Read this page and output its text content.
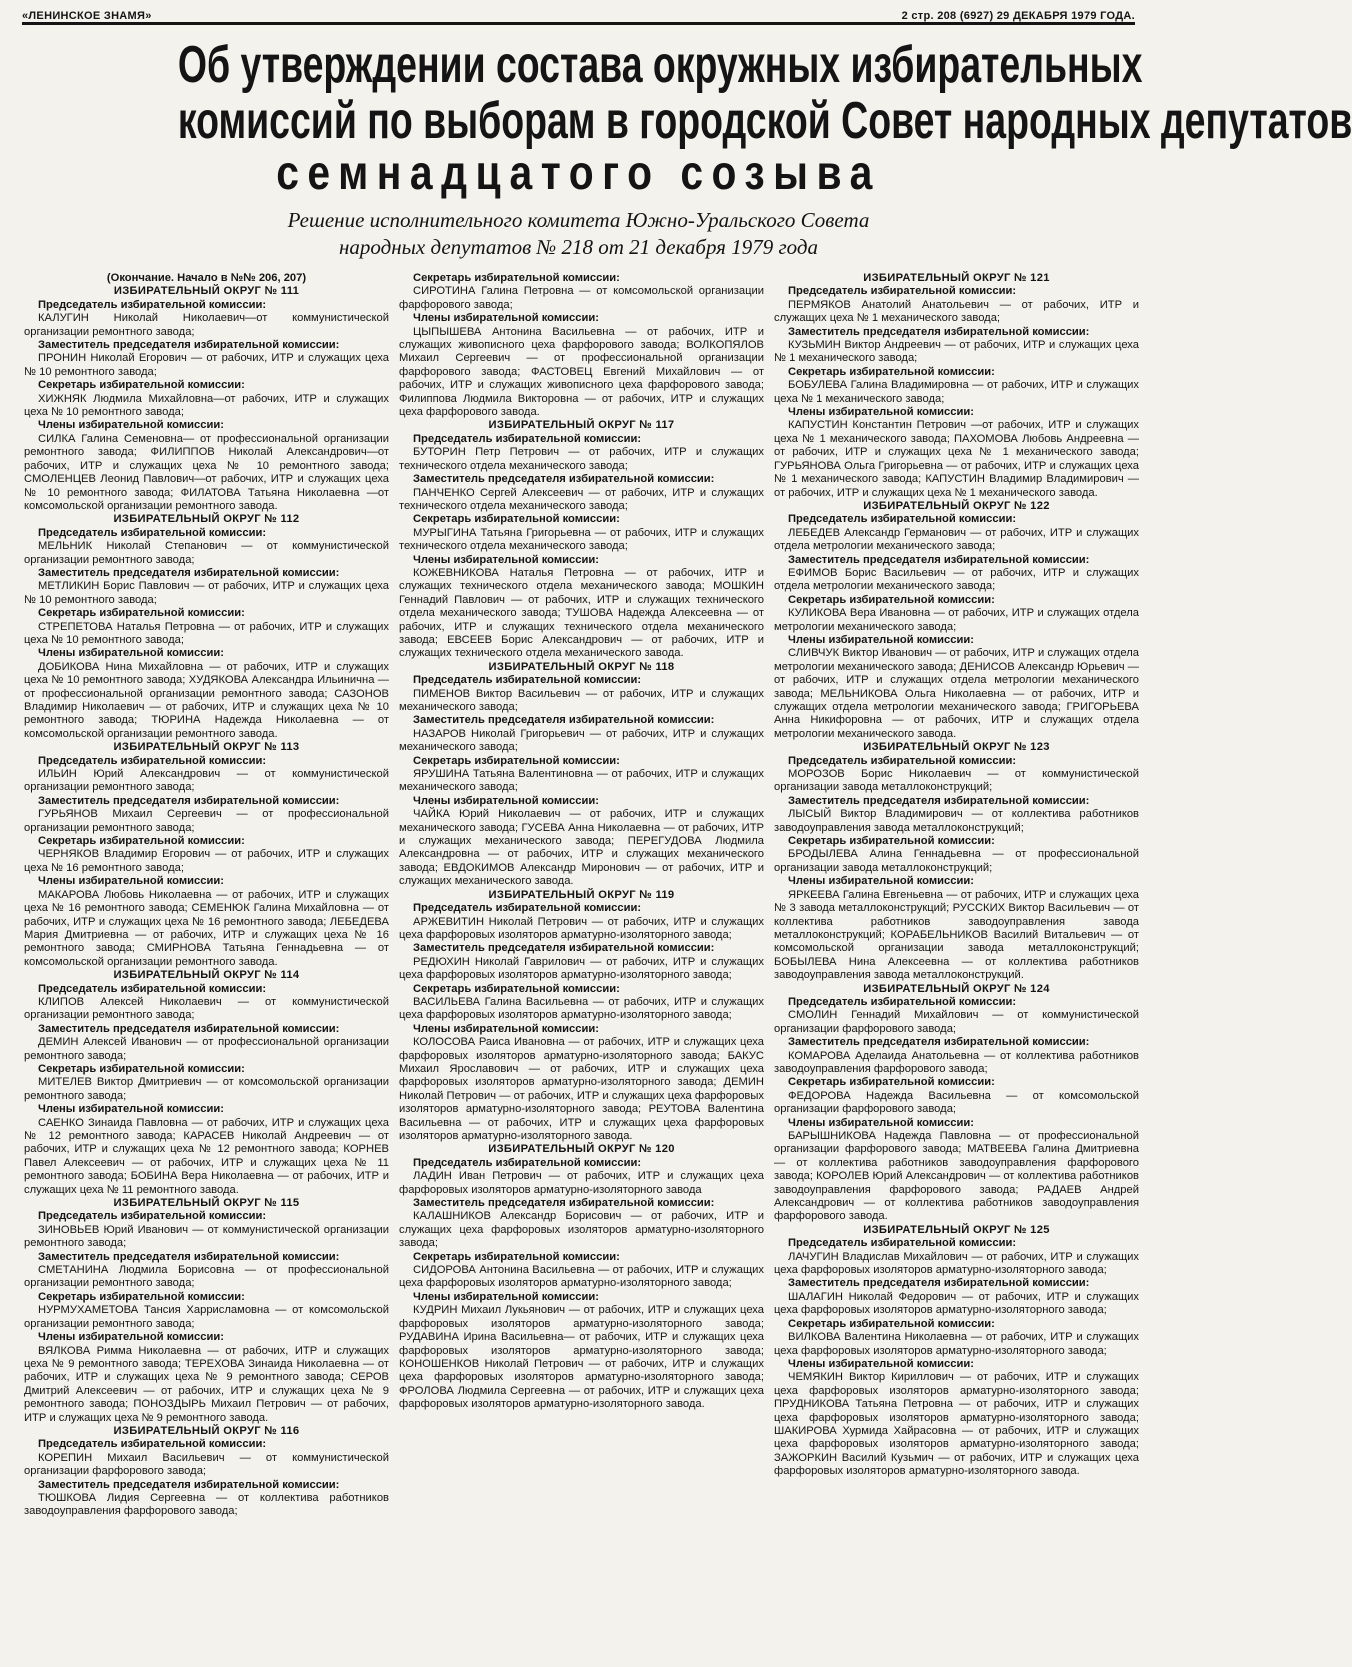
«ЛЕНИНСКОЕ ЗНАМЯ»	2 стр. 208 (6927) 29 ДЕКАБРЯ 1979 ГОДА.
Об утверждении состава окружных избирательных
комиссий по выборам в городской Совет народных депутатов
семнадцатого созыва
Решение исполнительного комитета Южно-Уральского Совета
народных депутатов № 218 от 21 декабря 1979 года

(Окончание. Начало в №№ 206, 207)

ИЗБИРАТЕЛЬНЫЙ ОКРУГ № 111

Председатель избирательной комиссии:

КАЛУГИН Николай Николаевич—от коммунистической организации ремонтного завода;

Заместитель председателя избирательной комиссии:

ПРОНИН Николай Егорович — от рабочих, ИТР и служащих цеха № 10 ремонтного завода;

Секретарь избирательной комиссии:

ХИЖНЯК Людмила Михайловна—от рабочих, ИТР и служащих цеха № 10 ремонтного завода;

Члены избирательной комиссии:

СИЛКА Галина Семеновна— от профессиональной организации ремонтного завода; ФИЛИППОВ Николай Александрович—от рабочих, ИТР и служащих цеха № 10 ремонтного завода; СМОЛЕНЦЕВ Леонид Павлович—от рабочих, ИТР и служащих цеха № 10 ремонтного завода; ФИЛАТОВА Татьяна Николаевна —от комсомольской организации ремонтного завода.

ИЗБИРАТЕЛЬНЫЙ ОКРУГ № 112

Председатель избирательной комиссии:

МЕЛЬНИК Николай Степанович — от коммунистической организации ремонтного завода;

Заместитель председателя избирательной комиссии:

МЕТЛИКИН Борис Павлович — от рабочих, ИТР и служащих цеха № 10 ремонтного завода;

Секретарь избирательной комиссии:

СТРЕПЕТОВА Наталья Петровна — от рабочих, ИТР и служащих цеха № 10 ремонтного завода;

Члены избирательной комиссии:

ДОБИКОВА Нина Михайловна — от рабочих, ИТР и служащих цеха № 10 ремонтного завода; ХУДЯКОВА Александра Ильинична — от профессиональной организации ремонтного завода; САЗОНОВ Владимир Николаевич — от рабочих, ИТР и служащих цеха № 10 ремонтного завода; ТЮРИНА Надежда Николаевна — от комсомольской организации ремонтного завода.

ИЗБИРАТЕЛЬНЫЙ ОКРУГ № 113

Председатель избирательной комиссии:

ИЛЬИН Юрий Александрович — от коммунистической организации ремонтного завода;

Заместитель председателя избирательной комиссии:

ГУРЬЯНОВ Михаил Сергеевич — от профессиональной организации ремонтного завода;

Секретарь избирательной комиссии:

ЧЕРНЯКОВ Владимир Егорович — от рабочих, ИТР и служащих цеха № 16 ремонтного завода;

Члены избирательной комиссии:

МАКАРОВА Любовь Николаевна — от рабочих, ИТР и служащих цеха № 16 ремонтного завода; СЕМЕНЮК Галина Михайловна — от рабочих, ИТР и служащих цеха № 16 ремонтного завода; ЛЕБЕДЕВА Мария Дмитриевна — от рабочих, ИТР и служащих цеха № 16 ремонтного завода; СМИРНОВА Татьяна Геннадьевна — от комсомольской организации ремонтного завода.

ИЗБИРАТЕЛЬНЫЙ ОКРУГ № 114

Председатель избирательной комиссии:

КЛИПОВ Алексей Николаевич — от коммунистической организации ремонтного завода;

Заместитель председателя избирательной комиссии:

ДЕМИН Алексей Иванович — от профессиональной организации ремонтного завода;

Секретарь избирательной комиссии:

МИТЕЛЕВ Виктор Дмитриевич — от комсомольской организации ремонтного завода;

Члены избирательной комиссии:

САЕНКО Зинаида Павловна — от рабочих, ИТР и служащих цеха № 12 ремонтного завода; КАРАСЕВ Николай Андреевич — от рабочих, ИТР и служащих цеха № 12 ремонтного завода; КОРНЕВ Павел Алексеевич — от рабочих, ИТР и служащих цеха № 11 ремонтного завода; БОБИНА Вера Николаевна — от рабочих, ИТР и служащих цеха № 11 ремонтного завода.

ИЗБИРАТЕЛЬНЫЙ ОКРУГ № 115

Председатель избирательной комиссии:

ЗИНОВЬЕВ Юрий Иванович — от коммунистической организации ремонтного завода;

Заместитель председателя избирательной комиссии:

СМЕТАНИНА Людмила Борисовна — от профессиональной организации ремонтного завода;

Секретарь избирательной комиссии:

НУРМУХАМЕТОВА Тансия Харрисламовна — от комсомольской организации ремонтного завода;

Члены избирательной комиссии:

ВЯЛКОВА Римма Николаевна — от рабочих, ИТР и служащих цеха № 9 ремонтного завода; ТЕРЕХОВА Зинаида Николаевна — от рабочих, ИТР и служащих цеха № 9 ремонтного завода; СЕРОВ Дмитрий Алексеевич — от рабочих, ИТР и служащих цеха № 9 ремонтного завода; ПОНОЗДЫРЬ Михаил Петрович — от рабочих, ИТР и служащих цеха № 9 ремонтного завода.

ИЗБИРАТЕЛЬНЫЙ ОКРУГ № 116

Председатель избирательной комиссии:

КОРЕПИН Михаил Васильевич — от коммунистической организации фарфорового завода;

Заместитель председателя избирательной комиссии:

ТЮШКОВА Лидия Сергеевна — от коллектива работников заводоуправления фарфорового завода;

Секретарь избирательной комиссии:

СИРОТИНА Галина Петровна — от комсомольской организации фарфорового завода;

Члены избирательной комиссии:

ЦЫПЫШЕВА Антонина Васильевна — от рабочих, ИТР и служащих живописного цеха фарфорового завода; ВОЛКОПЯЛОВ Михаил Сергеевич — от профессиональной организации фарфорового завода; ФАСТОВЕЦ Евгений Михайлович — от рабочих, ИТР и служащих живописного цеха фарфорового завода; Филиппова Людмила Викторовна — от рабочих, ИТР и служащих цеха фарфорового завода.

ИЗБИРАТЕЛЬНЫЙ ОКРУГ № 117

Председатель избирательной комиссии:

БУТОРИН Петр Петрович — от рабочих, ИТР и служащих технического отдела механического завода;

Заместитель председателя избирательной комиссии:

ПАНЧЕНКО Сергей Алексеевич — от рабочих, ИТР и служащих технического отдела механического завода;

Секретарь избирательной комиссии:

МУРЫГИНА Татьяна Григорьевна — от рабочих, ИТР и служащих технического отдела механического завода;

Члены избирательной комиссии:

КОЖЕВНИКОВА Наталья Петровна — от рабочих, ИТР и служащих технического отдела механического завода; МОШКИН Геннадий Павлович — от рабочих, ИТР и служащих технического отдела механического завода; ТУШОВА Надежда Алексеевна — от рабочих, ИТР и служащих технического отдела механического завода; ЕВСЕЕВ Борис Александрович — от рабочих, ИТР и служащих технического отдела механического завода.

ИЗБИРАТЕЛЬНЫЙ ОКРУГ № 118

Председатель избирательной комиссии:

ПИМЕНОВ Виктор Васильевич — от рабочих, ИТР и служащих механического завода;

Заместитель председателя избирательной комиссии:

НАЗАРОВ Николай Григорьевич — от рабочих, ИТР и служащих механического завода;

Секретарь избирательной комиссии:

ЯРУШИНА Татьяна Валентиновна — от рабочих, ИТР и служащих механического завода;

Члены избирательной комиссии:

ЧАЙКА Юрий Николаевич — от рабочих, ИТР и служащих механического завода; ГУСЕВА Анна Николаевна — от рабочих, ИТР и служащих механического завода; ПЕРЕГУДОВА Людмила Александровна — от рабочих, ИТР и служащих механического завода; ЕВДОКИМОВ Александр Миронович — от рабочих, ИТР и служащих механического завода.

ИЗБИРАТЕЛЬНЫЙ ОКРУГ № 119

Председатель избирательной комиссии:

АРЖЕВИТИН Николай Петрович — от рабочих, ИТР и служащих цеха фарфоровых изоляторов арматурно-изоляторного завода;

Заместитель председателя избирательной комиссии:

РЕДЮХИН Николай Гаврилович — от рабочих, ИТР и служащих цеха фарфоровых изоляторов арматурно-изоляторного завода;

Секретарь избирательной комиссии:

ВАСИЛЬЕВА Галина Васильевна — от рабочих, ИТР и служащих цеха фарфоровых изоляторов арматурно-изоляторного завода;

Члены избирательной комиссии:

КОЛОСОВА Раиса Ивановна — от рабочих, ИТР и служащих цеха фарфоровых изоляторов арматурно-изоляторного завода; БАКУС Михаил Ярославович — от рабочих, ИТР и служащих цеха фарфоровых изоляторов арматурно-изоляторного завода; ДЕМИН Николай Петрович — от рабочих, ИТР и служащих цеха фарфоровых изоляторов арматурно-изоляторного завода; РЕУТОВА Валентина Васильевна — от рабочих, ИТР и служащих цеха фарфоровых изоляторов арматурно-изоляторного завода.

ИЗБИРАТЕЛЬНЫЙ ОКРУГ № 120

Председатель избирательной комиссии:

ЛАДИН Иван Петрович — от рабочих, ИТР и служащих цеха фарфоровых изоляторов арматурно-изоляторного завода

Заместитель председателя избирательной комиссии:

КАЛАШНИКОВ Александр Борисович — от рабочих, ИТР и служащих цеха фарфоровых изоляторов арматурно-изоляторного завода;

Секретарь избирательной комиссии:

СИДОРОВА Антонина Васильевна — от рабочих, ИТР и служащих цеха фарфоровых изоляторов арматурно-изоляторного завода;

Члены избирательной комиссии:

КУДРИН Михаил Лукьянович — от рабочих, ИТР и служащих цеха фарфоровых изоляторов арматурно-изоляторного завода; РУДАВИНА Ирина Васильевна— от рабочих, ИТР и служащих цеха фарфоровых изоляторов арматурно-изоляторного завода; КОНОШЕНКОВ Николай Петрович — от рабочих, ИТР и служащих цеха фарфоровых изоляторов арматурно-изоляторного завода; ФРОЛОВА Людмила Сергеевна — от рабочих, ИТР и служащих цеха фарфоровых изоляторов арматурно-изоляторного завода.

ИЗБИРАТЕЛЬНЫЙ ОКРУГ № 121

Председатель избирательной комиссии:

ПЕРМЯКОВ Анатолий Анатольевич — от рабочих, ИТР и служащих цеха № 1 механического завода;

Заместитель председателя избирательной комиссии:

КУЗЬМИН Виктор Андреевич — от рабочих, ИТР и служащих цеха № 1 механического завода;

Секретарь избирательной комиссии:

БОБУЛЕВА Галина Владимировна — от рабочих, ИТР и служащих цеха № 1 механического завода;

Члены избирательной комиссии:

КАПУСТИН Константин Петрович —от рабочих, ИТР и служащих цеха № 1 механического завода; ПАХОМОВА Любовь Андреевна — от рабочих, ИТР и служащих цеха № 1 механического завода; ГУРЬЯНОВА Ольга Григорьевна — от рабочих, ИТР и служащих цеха № 1 механического завода; КАПУСТИН Владимир Владимирович — от рабочих, ИТР и служащих цеха № 1 механического завода.

ИЗБИРАТЕЛЬНЫЙ ОКРУГ № 122

Председатель избирательной комиссии:

ЛЕБЕДЕВ Александр Германович — от рабочих, ИТР и служащих отдела метрологии механического завода;

Заместитель председателя избирательной комиссии:

ЕФИМОВ Борис Васильевич — от рабочих, ИТР и служащих отдела метрологии механического завода;

Секретарь избирательной комиссии:

КУЛИКОВА Вера Ивановна — от рабочих, ИТР и служащих отдела метрологии механического завода;

Члены избирательной комиссии:

СЛИВЧУК Виктор Иванович — от рабочих, ИТР и служащих отдела метрологии механического завода; ДЕНИСОВ Александр Юрьевич — от рабочих, ИТР и служащих отдела метрологии механического завода; МЕЛЬНИКОВА Ольга Николаевна — от рабочих, ИТР и служащих отдела метрологии механического завода; ГРИГОРЬЕВА Анна Никифоровна — от рабочих, ИТР и служащих отдела метрологии механического завода.

ИЗБИРАТЕЛЬНЫЙ ОКРУГ № 123

Председатель избирательной комиссии:

МОРОЗОВ Борис Николаевич — от коммунистической организации завода металлоконструкций;

Заместитель председателя избирательной комиссии:

ЛЫСЫЙ Виктор Владимирович — от коллектива работников заводоуправления завода металлоконструкций;

Секретарь избирательной комиссии:

БРОДЫЛЕВА Алина Геннадьевна — от профессиональной организации завода металлоконструкций;

Члены избирательной комиссии:

ЯРКЕЕВА Галина Евгеньевна — от рабочих, ИТР и служащих цеха № 3 завода металлоконструкций; РУССКИХ Виктор Васильевич — от коллектива работников заводоуправления завода металлоконструкций; КОРАБЕЛЬНИКОВ Василий Витальевич — от комсомольской организации завода металлоконструкций; БОБЫЛЕВА Нина Алексеевна — от коллектива работников заводоуправления завода металлоконструкций.

ИЗБИРАТЕЛЬНЫЙ ОКРУГ № 124

Председатель избирательной комиссии:

СМОЛИН Геннадий Михайлович — от коммунистической организации фарфорового завода;

Заместитель председателя избирательной комиссии:

КОМАРОВА Аделаида Анатольевна — от коллектива работников заводоуправления фарфорового завода;

Секретарь избирательной комиссии:

ФЕДОРОВА Надежда Васильевна — от комсомольской организации фарфорового завода;

Члены избирательной комиссии:

БАРЫШНИКОВА Надежда Павловна — от профессиональной организации фарфорового завода; МАТВЕЕВА Галина Дмитриевна — от коллектива работников заводоуправления фарфорового завода; КОРОЛЕВ Юрий Александрович — от коллектива работников заводоуправления фарфорового завода; РАДАЕВ Андрей Александрович — от коллектива работников заводоуправления фарфорового завода.

ИЗБИРАТЕЛЬНЫЙ ОКРУГ № 125

Председатель избирательной комиссии:

ЛАЧУГИН Владислав Михайлович — от рабочих, ИТР и служащих цеха фарфоровых изоляторов арматурно-изоляторного завода;

Заместитель председателя избирательной комиссии:

ШАЛАГИН Николай Федорович — от рабочих, ИТР и служащих цеха фарфоровых изоляторов арматурно-изоляторного завода;

Секретарь избирательной комиссии:

ВИЛКОВА Валентина Николаевна — от рабочих, ИТР и служащих цеха фарфоровых изоляторов арматурно-изоляторного завода;

Члены избирательной комиссии:

ЧЕМЯКИН Виктор Кириллович — от рабочих, ИТР и служащих цеха фарфоровых изоляторов арматурно-изоляторного завода; ПРУДНИКОВА Татьяна Петровна — от рабочих, ИТР и служащих цеха фарфоровых изоляторов арматурно-изоляторного завода; ШАКИРОВА Хурмида Хайрасовна — от рабочих, ИТР и служащих цеха фарфоровых изоляторов арматурно-изоляторного завода; ЗАЖОРКИН Василий Кузьмич — от рабочих, ИТР и служащих цеха фарфоровых изоляторов арматурно-изоляторного завода.
